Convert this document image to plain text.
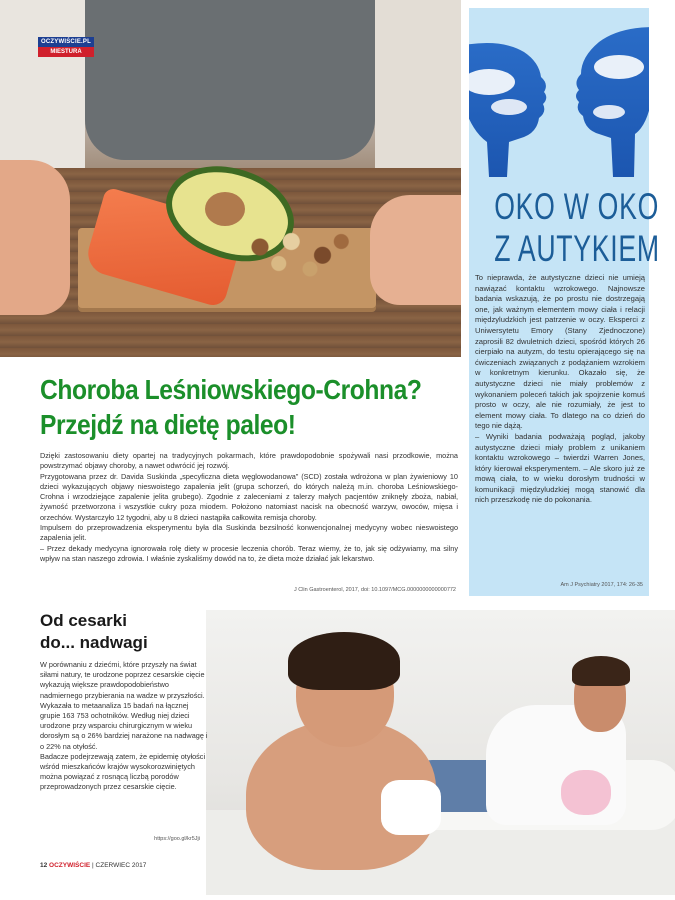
OCZYWIŚCIE.PL
MIESTURA
OKO W OKO
Z AUTYKIEM

To nieprawda, że autystyczne dzieci nie umieją nawiązać kontaktu wzrokowego. Najnowsze badania wskazują, że po prostu nie dostrzegają one, jak ważnym elementem mowy ciała i relacji międzyludzkich jest patrzenie w oczy. Eksperci z Uniwersytetu Emory (Stany Zjednoczone) zaprosili 82 dwuletnich dzieci, spośród których 26 cierpiało na autyzm, do testu opierającego się na ćwiczeniach związanych z podążaniem wzrokiem w konkretnym kierunku. Okazało się, że autystyczne dzieci nie miały problemów z wykonaniem poleceń takich jak spojrzenie komuś prosto w oczy, ale nie rozumiały, że jest to element mowy ciała. To dlatego na co dzień do tego nie dążą.

– Wyniki badania podważają pogląd, jakoby autystyczne dzieci miały problem z unikaniem kontaktu wzrokowego – twierdzi Warren Jones, który kierował eksperymentem. – Ale skoro już ze mową ciała, to w wieku dorosłym trudności w komunikacji międzyludzkiej mogą stanowić dla nich przeszkodę nie do pokonania.

Am J Psychiatry 2017, 174: 26-35
Choroba Leśniowskiego-Crohna?
Przejdź na dietę paleo!

Dzięki zastosowaniu diety opartej na tradycyjnych pokarmach, które prawdopodobnie spożywali nasi przodkowie, można powstrzymać objawy choroby, a nawet odwrócić jej rozwój.

Przygotowana przez dr. Davida Suskinda „specyficzna dieta węglowodanowa” (SCD) została wdrożona w plan żywieniowy 10 dzieci wykazujących objawy nieswoistego zapalenia jelit (grupa schorzeń, do których należą m.in. choroba Leśniowskiego-Crohna i wrzodziejące zapalenie jelita grubego). Zgodnie z zaleceniami z talerzy małych pacjentów zniknęły zboża, nabiał, żywność przetworzona i wszystkie cukry poza miodem. Położono natomiast nacisk na obecność warzyw, owoców, mięsa i orzechów. Wystarczyło 12 tygodni, aby u 8 dzieci nastąpiła całkowita remisja choroby.

Impulsem do przeprowadzenia eksperymentu była dla Suskinda bezsilność konwencjonalnej medycyny wobec nieswoistego zapalenia jelit.

– Przez dekady medycyna ignorowała rolę diety w procesie leczenia chorób. Teraz wiemy, że to, jak się odżywiamy, ma silny wpływ na stan naszego zdrowia. I właśnie zyskaliśmy dowód na to, że dieta może działać jak lekarstwo.

J Clin Gastroenterol, 2017, doi: 10.1097/MCG.0000000000000772
Od cesarki
do... nadwagi

W porównaniu z dziećmi, które przyszły na świat siłami natury, te urodzone poprzez cesarskie cięcie wykazują większe prawdopodobieństwo nadmiernego przybierania na wadze w przyszłości. Wykazała to metaanaliza 15 badań na łącznej grupie 163 753 ochotników. Według niej dzieci urodzone przy wsparciu chirurgicznym w wieku dorosłym są o 26% bardziej narażone na nadwagę i o 22% na otyłość.

Badacze podejrzewają zatem, że epidemię otyłości wśród mieszkańców krajów wysokorozwiniętych można powiązać z rosnącą liczbą porodów przeprowadzonych przez cesarskie cięcie.

https://goo.gl/kr5Jji
12 OCZYWIŚCIE | CZERWIEC 2017
